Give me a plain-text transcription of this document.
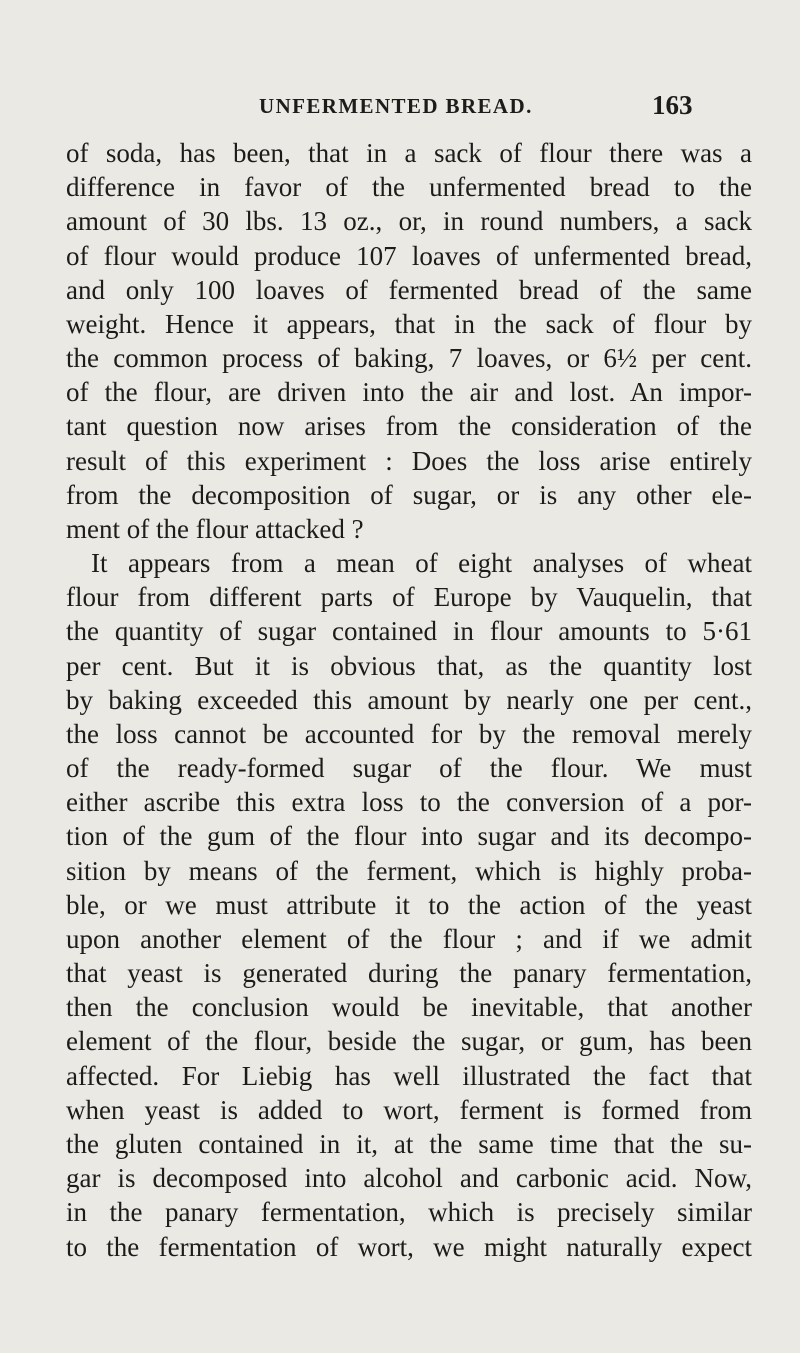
UNFERMENTED BREAD.	163
of soda, has been, that in a sack of flour there was a
difference in favor of the unfermented bread to the
amount of 30 lbs. 13 oz., or, in round numbers, a sack
of flour would produce 107 loaves of unfermented bread,
and only 100 loaves of fermented bread of the same
weight. Hence it appears, that in the sack of flour by
the common process of baking, 7 loaves, or 6½ per cent.
of the flour, are driven into the air and lost. An impor-
tant question now arises from the consideration of the
result of this experiment : Does the loss arise entirely
from the decomposition of sugar, or is any other ele-
ment of the flour attacked ?
It appears from a mean of eight analyses of wheat
flour from different parts of Europe by Vauquelin, that
the quantity of sugar contained in flour amounts to 5·61
per cent. But it is obvious that, as the quantity lost
by baking exceeded this amount by nearly one per cent.,
the loss cannot be accounted for by the removal merely
of the ready-formed sugar of the flour. We must
either ascribe this extra loss to the conversion of a por-
tion of the gum of the flour into sugar and its decompo-
sition by means of the ferment, which is highly proba-
ble, or we must attribute it to the action of the yeast
upon another element of the flour ; and if we admit
that yeast is generated during the panary fermentation,
then the conclusion would be inevitable, that another
element of the flour, beside the sugar, or gum, has been
affected. For Liebig has well illustrated the fact that
when yeast is added to wort, ferment is formed from
the gluten contained in it, at the same time that the su-
gar is decomposed into alcohol and carbonic acid. Now,
in the panary fermentation, which is precisely similar
to the fermentation of wort, we might naturally expect
